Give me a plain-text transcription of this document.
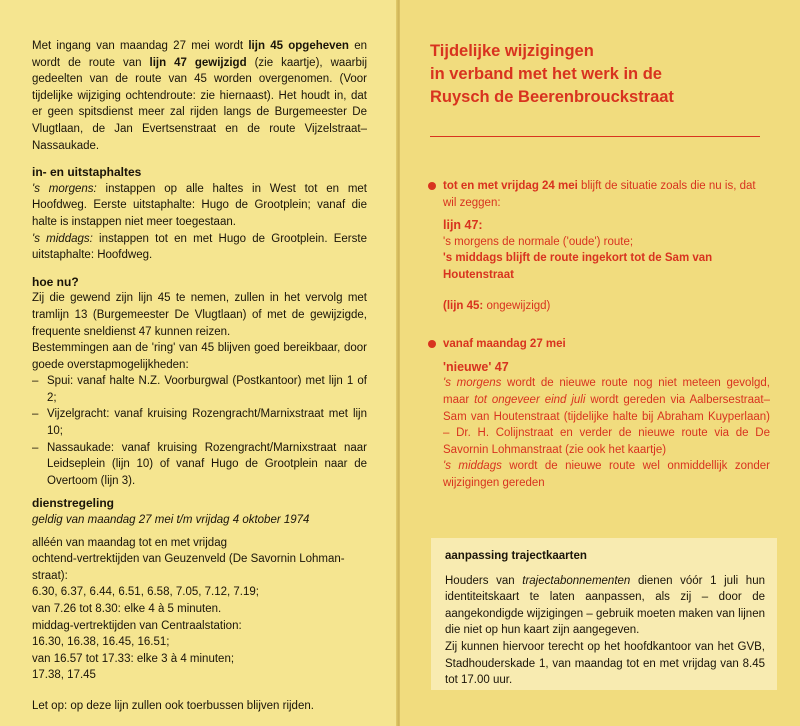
Met ingang van maandag 27 mei wordt lijn 45 opgeheven en wordt de route van lijn 47 gewijzigd (zie kaartje), waarbij gedeelten van de route van 45 worden overgenomen. (Voor tijdelijke wijziging ochtendroute: zie hiernaast). Het houdt in, dat er geen spitsdienst meer zal rijden langs de Burgemeester De Vlugtlaan, de Jan Evertsenstraat en de route Vijzelstraat–Nassaukade.

in- en uitstaphaltes

's morgens: instappen op alle haltes in West tot en met Hoofdweg. Eerste uitstaphalte: Hugo de Grootplein; vanaf die halte is instappen niet meer toegestaan.

's middags: instappen tot en met Hugo de Grootplein. Eerste uitstaphalte: Hoofdweg.

hoe nu?

Zij die gewend zijn lijn 45 te nemen, zullen in het vervolg met tramlijn 13 (Burgemeester De Vlugtlaan) of met de gewijzigde, frequente sneldienst 47 kunnen reizen.

Bestemmingen aan de 'ring' van 45 blijven goed bereikbaar, door goede overstapmogelijkheden:

– Spui: vanaf halte N.Z. Voorburgwal (Postkantoor) met lijn 1 of 2;
– Vijzelgracht: vanaf kruising Rozengracht/Marnixstraat met lijn 10;
– Nassaukade: vanaf kruising Rozengracht/Marnixstraat naar Leidseplein (lijn 10) of vanaf Hugo de Grootplein naar de Overtoom (lijn 3).

dienstregeling

geldig van maandag 27 mei t/m vrijdag 4 oktober 1974

alléén van maandag tot en met vrijdag

ochtend-vertrektijden van Geuzenveld (De Savornin Lohman-straat):

6.30, 6.37, 6.44, 6.51, 6.58, 7.05, 7.12, 7.19;

van 7.26 tot 8.30: elke 4 à 5 minuten.

middag-vertrektijden van Centraalstation:

16.30, 16.38, 16.45, 16.51;

van 16.57 tot 17.33: elke 3 à 4 minuten;

17.38, 17.45

Let op: op deze lijn zullen ook toerbussen blijven rijden.

Tijdelijke wijzigingen
in verband met het werk in de
Ruysch de Beerenbrouckstraat

tot en met vrijdag 24 mei blijft de situatie zoals die nu is, dat wil zeggen:

lijn 47:

's morgens de normale ('oude') route;

's middags blijft de route ingekort tot de Sam van Houtenstraat

(lijn 45: ongewijzigd)

vanaf maandag 27 mei

'nieuwe' 47

's morgens wordt de nieuwe route nog niet meteen gevolgd, maar tot ongeveer eind juli wordt gereden via Aalbersestraat–Sam van Houtenstraat (tijdelijke halte bij Abraham Kuyperlaan) – Dr. H. Colijnstraat en verder de nieuwe route via de De Savornin Lohmanstraat (zie ook het kaartje)

's middags wordt de nieuwe route wel onmiddellijk zonder wijzigingen gereden

aanpassing trajectkaarten

Houders van trajectabonnementen dienen vóór 1 juli hun identiteitskaart te laten aanpassen, als zij – door de aangekondigde wijzigingen – gebruik moeten maken van lijnen die niet op hun kaart zijn aangegeven.

Zij kunnen hiervoor terecht op het hoofdkantoor van het GVB, Stadhouderskade 1, van maandag tot en met vrijdag van 8.45 tot 17.00 uur.
